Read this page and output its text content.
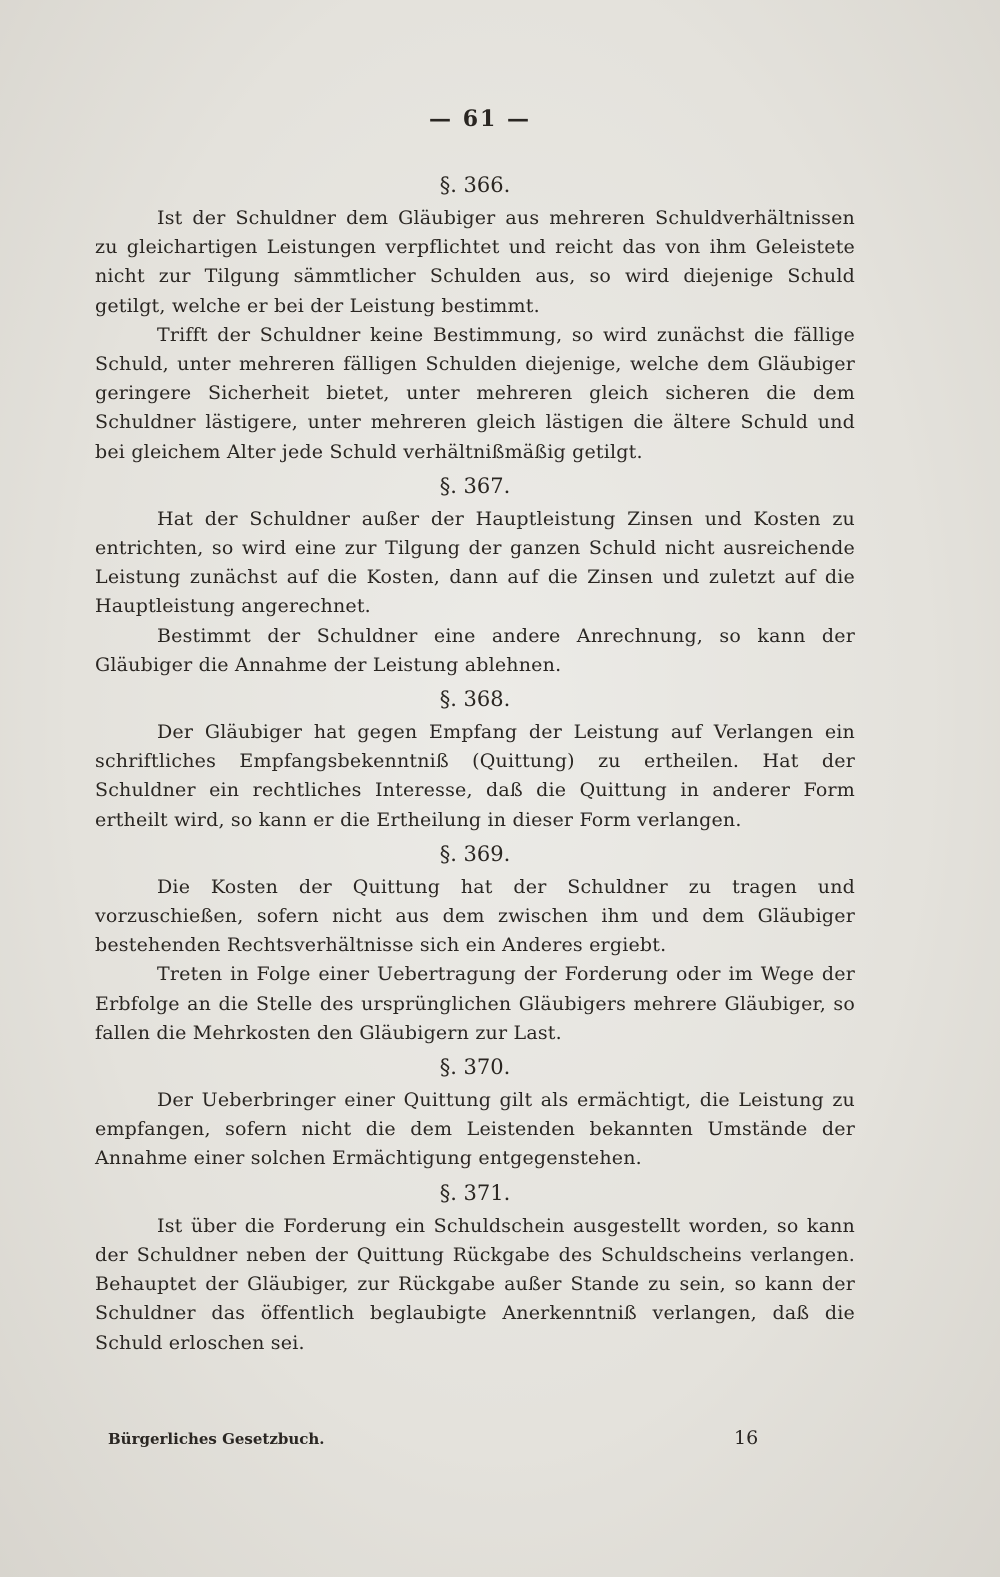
— 61 —
§. 366.

Ist der Schuldner dem Gläubiger aus mehreren Schuldverhältnissen zu gleichartigen Leistungen verpflichtet und reicht das von ihm Geleistete nicht zur Tilgung sämmtlicher Schulden aus, so wird diejenige Schuld getilgt, welche er bei der Leistung bestimmt.

Trifft der Schuldner keine Bestimmung, so wird zunächst die fällige Schuld, unter mehreren fälligen Schulden diejenige, welche dem Gläubiger geringere Sicherheit bietet, unter mehreren gleich sicheren die dem Schuldner lästigere, unter mehreren gleich lästigen die ältere Schuld und bei gleichem Alter jede Schuld verhältnißmäßig getilgt.

§. 367.

Hat der Schuldner außer der Hauptleistung Zinsen und Kosten zu entrichten, so wird eine zur Tilgung der ganzen Schuld nicht ausreichende Leistung zunächst auf die Kosten, dann auf die Zinsen und zuletzt auf die Hauptleistung angerechnet.

Bestimmt der Schuldner eine andere Anrechnung, so kann der Gläubiger die Annahme der Leistung ablehnen.

§. 368.

Der Gläubiger hat gegen Empfang der Leistung auf Verlangen ein schriftliches Empfangsbekenntniß (Quittung) zu ertheilen. Hat der Schuldner ein rechtliches Interesse, daß die Quittung in anderer Form ertheilt wird, so kann er die Ertheilung in dieser Form verlangen.

§. 369.

Die Kosten der Quittung hat der Schuldner zu tragen und vorzuschießen, sofern nicht aus dem zwischen ihm und dem Gläubiger bestehenden Rechtsverhältnisse sich ein Anderes ergiebt.

Treten in Folge einer Uebertragung der Forderung oder im Wege der Erbfolge an die Stelle des ursprünglichen Gläubigers mehrere Gläubiger, so fallen die Mehrkosten den Gläubigern zur Last.

§. 370.

Der Ueberbringer einer Quittung gilt als ermächtigt, die Leistung zu empfangen, sofern nicht die dem Leistenden bekannten Umstände der Annahme einer solchen Ermächtigung entgegenstehen.

§. 371.

Ist über die Forderung ein Schuldschein ausgestellt worden, so kann der Schuldner neben der Quittung Rückgabe des Schuldscheins verlangen. Behauptet der Gläubiger, zur Rückgabe außer Stande zu sein, so kann der Schuldner das öffentlich beglaubigte Anerkenntniß verlangen, daß die Schuld erloschen sei.

Bürgerliches Gesetzbuch.	16
